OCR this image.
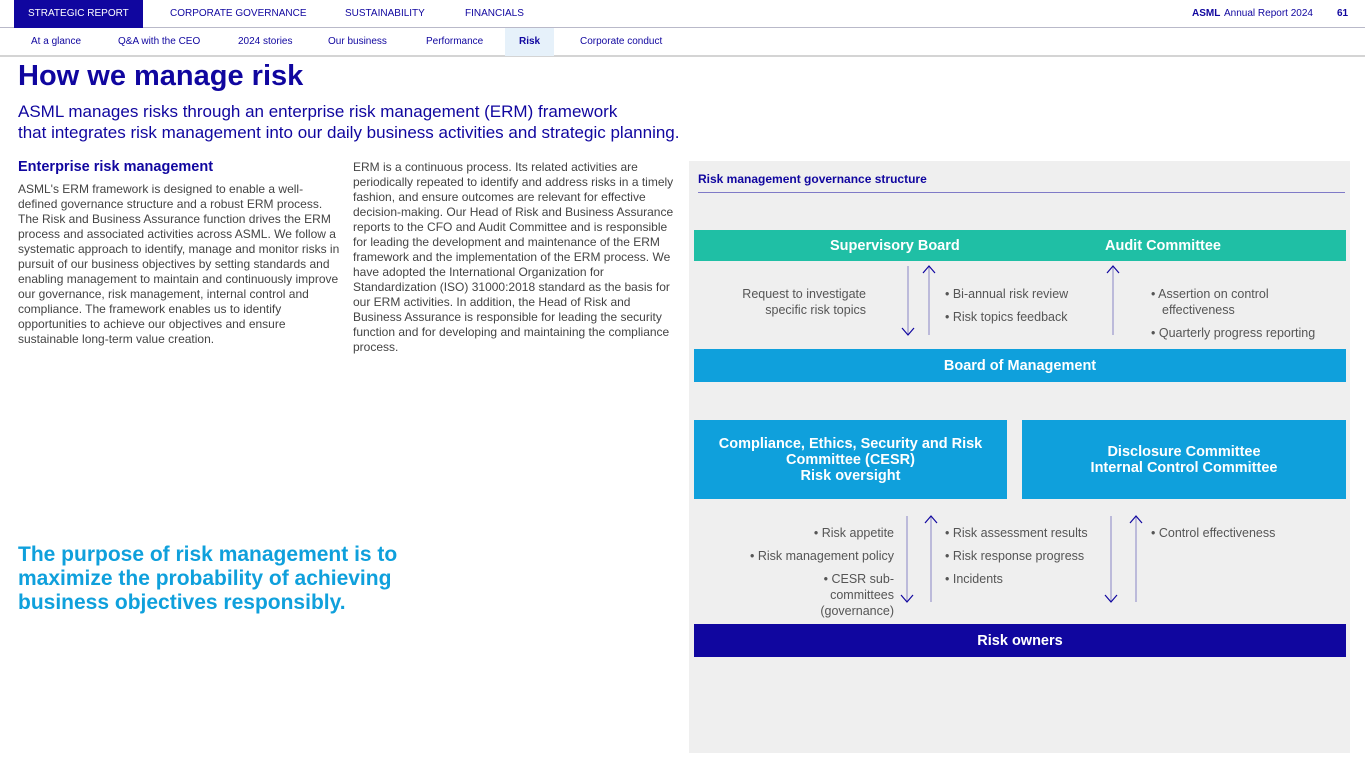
STRATEGIC REPORT	CORPORATE GOVERNANCE	SUSTAINABILITY	FINANCIALS	ASML Annual Report 2024 61
At a glance	Q&A with the CEO	2024 stories	Our business	Performance	Risk	Corporate conduct
How we manage risk
ASML manages risks through an enterprise risk management (ERM) framework
that integrates risk management into our daily business activities and strategic planning.
Enterprise risk management
ASML's ERM framework is designed to enable a well-defined governance structure and a robust ERM process. The Risk and Business Assurance function drives the ERM process and associated activities across ASML. We follow a systematic approach to identify, manage and monitor risks in pursuit of our business objectives by setting standards and enabling management to maintain and continuously improve our governance, risk management, internal control and compliance. The framework enables us to identify opportunities to achieve our objectives and ensure sustainable long-term value creation.
ERM is a continuous process. Its related activities are periodically repeated to identify and address risks in a timely fashion, and ensure outcomes are relevant for effective decision-making. Our Head of Risk and Business Assurance reports to the CFO and Audit Committee and is responsible for leading the development and maintenance of the ERM framework and the implementation of the ERM process. We have adopted the International Organization for Standardization (ISO) 31000:2018 standard as the basis for our ERM activities. In addition, the Head of Risk and Business Assurance is responsible for leading the security function and for developing and maintaining the compliance process.
The purpose of risk management is to maximize the probability of achieving business objectives responsibly.
Risk management governance structure
Supervisory Board	Audit Committee
Request to investigate specific risk topics

• Bi-annual risk review

• Risk topics feedback

• Assertion on control effectiveness

• Quarterly progress reporting

Board of Management
Compliance, Ethics, Security and Risk
Committee (CESR)
Risk oversight
Disclosure Committee
Internal Control Committee

• Risk appetite

• Risk management policy

• CESR sub-committees (governance)

• Risk assessment results

• Risk response progress

• Incidents

• Control effectiveness

Risk owners
